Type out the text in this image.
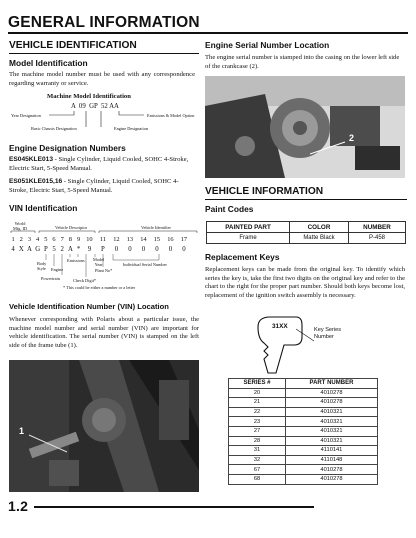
GENERAL INFORMATION
VEHICLE IDENTIFICATION
Model Identification
The machine model number must be used with any correspondence regarding warranty or service.
Machine Model Identification
A  09  GP  52 AA
Year Designation	Emissions & Model Option
Basic Chassis Designation	Engine Designation
Engine Designation Numbers
ES045KLE013 - Single Cylinder, Liquid Cooled, SOHC 4-Stroke, Electric Start, 5-Speed Manual.
ES051KLE015,16 - Single Cylinder, Liquid Cooled, SOHC 4-Stroke, Electric Start, 5-Speed Manual.
VIN Identification
World
Mfg. ID	Vehicle Descriptor	Vehicle Identifier
1 2 3 4 5 6 7 8 9 10 11 12 13 14 15 16 17
4 X A G P 5 2 A * 9 P 0 0 0 0 0 0
Body
Style Engine
Emissions Model
Year
Plant No*
Individual Serial Number
Powertrain	Check Digit*
* This could be either a number or a letter
Vehicle Identification Number (VIN) Location
Whenever corresponding with Polaris about a particular issue, the machine model number and serial number (VIN) are important for vehicle identification. The serial number (VIN) is stamped on the left side of the frame tube (1).
1
Engine Serial Number Location
The engine serial number is stamped into the casing on the lower left side of the crankcase (2).
2
VEHICLE INFORMATION
Paint Codes
PAINTED PART	COLOR	NUMBER
Frame	Matte Black	P-458
Replacement Keys
Replacement keys can be made from the original key. To identify which series the key is, take the first two digits on the original key and refer to the chart to the right for the proper part number. Should both keys become lost, replacement of the ignition switch assembly is necessary.
31XX	Key Series
Number
SERIES #	PART NUMBER
20	4010278
21	4010278
22	4010321
23	4010321
27	4010321
28	4010321
31	4110141
32	4110148
67	4010278
68	4010278
1.2
